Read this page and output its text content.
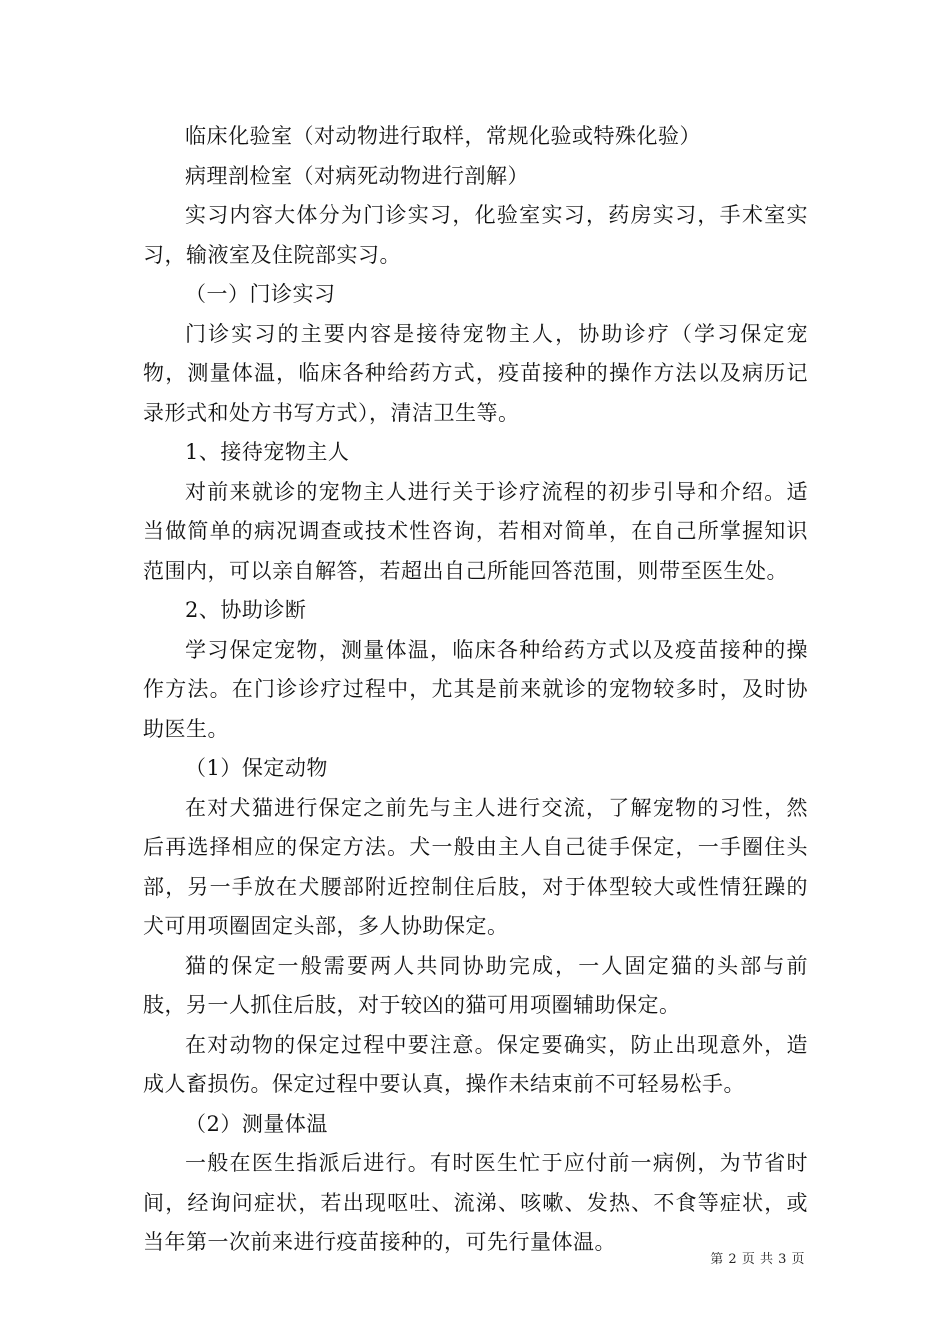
临床化验室（对动物进行取样，常规化验或特殊化验）

病理剖检室（对病死动物进行剖解）

实习内容大体分为门诊实习，化验室实习，药房实习，手术室实习，输液室及住院部实习。

（一）门诊实习

门诊实习的主要内容是接待宠物主人，协助诊疗（学习保定宠物，测量体温，临床各种给药方式，疫苗接种的操作方法以及病历记录形式和处方书写方式），清洁卫生等。

1、接待宠物主人

对前来就诊的宠物主人进行关于诊疗流程的初步引导和介绍。适当做简单的病况调查或技术性咨询，若相对简单，在自己所掌握知识范围内，可以亲自解答，若超出自己所能回答范围，则带至医生处。

2、协助诊断

学习保定宠物，测量体温，临床各种给药方式以及疫苗接种的操作方法。在门诊诊疗过程中，尤其是前来就诊的宠物较多时，及时协助医生。

（1）保定动物

在对犬猫进行保定之前先与主人进行交流，了解宠物的习性，然后再选择相应的保定方法。犬一般由主人自己徒手保定，一手圈住头部，另一手放在犬腰部附近控制住后肢，对于体型较大或性情狂躁的犬可用项圈固定头部，多人协助保定。

猫的保定一般需要两人共同协助完成，一人固定猫的头部与前肢，另一人抓住后肢，对于较凶的猫可用项圈辅助保定。

在对动物的保定过程中要注意。保定要确实，防止出现意外，造成人畜损伤。保定过程中要认真，操作未结束前不可轻易松手。

（2）测量体温

一般在医生指派后进行。有时医生忙于应付前一病例，为节省时间，经询问症状，若出现呕吐、流涕、咳嗽、发热、不食等症状，或当年第一次前来进行疫苗接种的，可先行量体温。

第 2 页 共 3 页
